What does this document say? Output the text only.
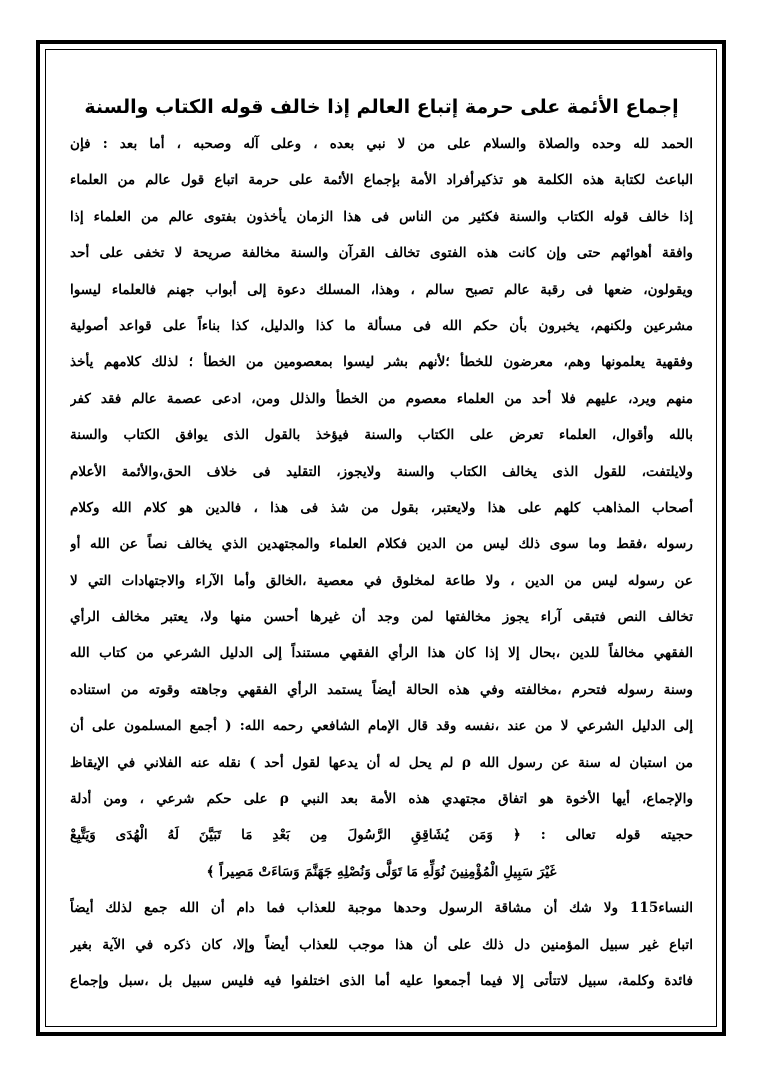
إجماع الأئمة على حرمة إتباع العالم إذا خالف قوله الكتاب والسنة
الحمد لله وحده والصلاة والسلام على من لا نبي بعده ، وعلى آله وصحبه ، أما بعد : فإن
الباعث لكتابة هذه الكلمة هو تذكيرأفراد الأمة بإجماع الأئمة على حرمة اتباع قول عالم من العلماء
إذا خالف قوله الكتاب والسنة فكثير من الناس فى هذا الزمان يأخذون بفتوى عالم من العلماء إذا
وافقة أهوائهم حتى وإن كانت هذه الفتوى تخالف القرآن والسنة مخالفة صريحة لا تخفى على أحد
ويقولون، ضعها فى رقبة عالم تصبح سالم ، وهذا، المسلك دعوة إلى أبواب جهنم فالعلماء ليسوا
مشرعين ولكنهم، يخبرون بأن حكم الله فى مسألة ما كذا والدليل، كذا بناءاً على قواعد أصولية
وفقهية يعلمونها وهم، معرضون للخطأ ؛لأنهم بشر ليسوا بمعصومين من الخطأ ؛ لذلك كلامهم يأخذ
منهم ويرد، عليهم فلا أحد من العلماء معصوم من الخطأ والذلل ومن، ادعى عصمة عالم فقد كفر
بالله وأقوال، العلماء تعرض على الكتاب والسنة فيؤخذ بالقول الذى يوافق الكتاب والسنة
ولايلتفت، للقول الذى يخالف الكتاب والسنة ولايجوز، التقليد فى خلاف الحق،والأئمة الأعلام
أصحاب المذاهب كلهم على هذا ولايعتبر، بقول من شذ فى هذا ، فالدين هو كلام الله وكلام
رسوله ،فقط وما سوى ذلك ليس من الدين فكلام العلماء والمجتهدين الذي يخالف نصاً عن الله أو
عن رسوله ليس من الدين ، ولا طاعة لمخلوق في معصية ،الخالق وأما الآراء والاجتهادات التي لا
تخالف النص فتبقى آراء يجوز مخالفتها لمن وجد أن غيرها أحسن منها ولا، يعتبر مخالف الرأي
الفقهي مخالفاً للدين ،بحال إلا إذا كان هذا الرأي الفقهي مستنداً إلى الدليل الشرعي من كتاب الله
وسنة رسوله فتحرم ،مخالفته وفي هذه الحالة أيضاً يستمد الرأي الفقهي وجاهته وقوته من استناده
إلى الدليل الشرعي لا من عند ،نفسه وقد قال الإمام الشافعي رحمه الله: ( أجمع المسلمون على أن
من استبان له سنة عن رسول الله ρ لم يحل له أن يدعها لقول أحد ) نقله عنه الفلاني في الإيقاظ
والإجماع، أيها الأخوة هو اتفاق مجتهدي هذه الأمة بعد النبي ρ على حكم شرعي ، ومن أدلة
حجيته قوله تعالى : ﴿ وَمَن يُشَاقِقِ الرَّسُولَ مِن بَعْدِ مَا تَبَيَّنَ لَهُ الْهُدَى وَيَتَّبِعْ
غَيْرَ سَبِيلِ الْمُؤْمِنِينَ نُوَلِّهِ مَا تَوَلَّى وَنُصْلِهِ جَهَنَّمَ وَسَاءَتْ مَصِيراً ﴾
النساء115 ولا شك أن مشاقة الرسول وحدها موجبة للعذاب فما دام أن الله جمع لذلك أيضاً
اتباع غير سبيل المؤمنين دل ذلك على أن هذا موجب للعذاب أيضاً وإلا، كان ذكره في الآية بغير
فائدة وكلمة، سبيل لاتتأتى إلا فيما أجمعوا عليه أما الذى اختلفوا فيه فليس سبيل بل ،سبل وإجماع
